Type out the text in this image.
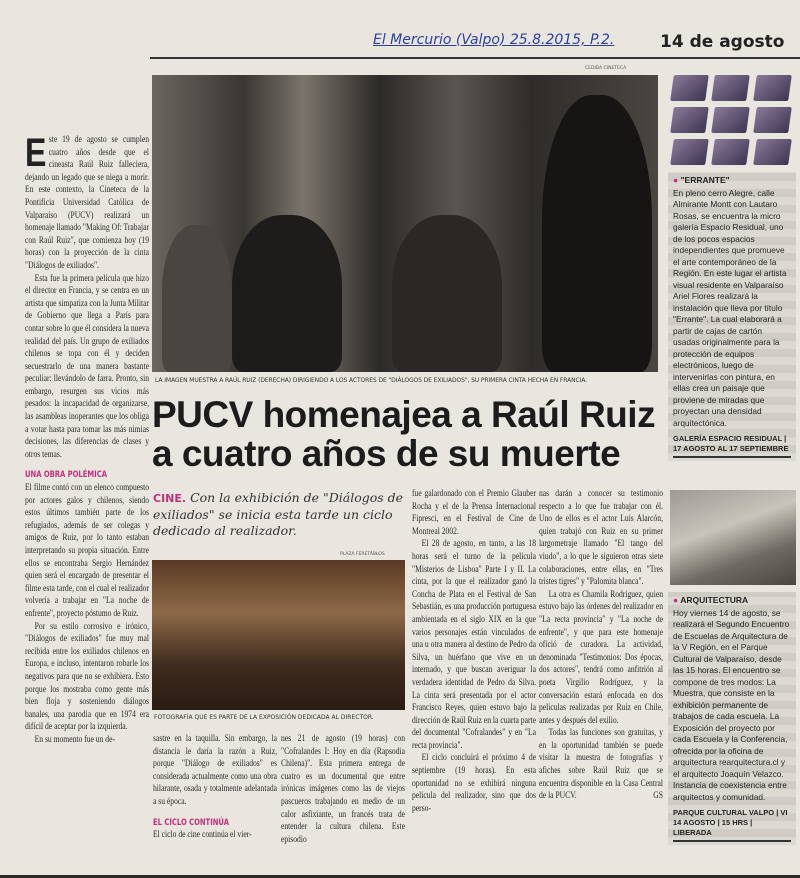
El Mercurio (Valpo) 25.8.2015, P.2.	14 de agosto
CEDIDA CINETECA
LA IMAGEN MUESTRA A RAÚL RUIZ (DERECHA) DIRIGIENDO A LOS ACTORES DE "DIÁLOGOS DE EXILIADOS", SU PRIMERA CINTA HECHA EN FRANCIA.
PUCV homenajea a Raúl Ruiz a cuatro años de su muerte
CINE. Con la exhibición de "Diálogos de exiliados" se inicia esta tarde un ciclo dedicado al realizador.
PLAZA FERETÁBLOS
FOTOGRAFÍA QUE ES PARTE DE LA EXPOSICIÓN DEDICADA AL DIRECTOR.

Este 19 de agosto se cumplen cuatro años desde que el cineasta Raúl Ruiz falleciera, dejando un legado que se niega a morir. En este contexto, la Cineteca de la Pontificia Universidad Católica de Valparaíso (PUCV) realizará un homenaje llamado "Making Of: Trabajar con Raúl Ruiz", que comienza hoy (19 horas) con la proyección de la cinta "Diálogos de exiliados".

Esta fue la primera película que hizo el director en Francia, y se centra en un artista que simpatiza con la Junta Militar de Gobierno que llega a París para contar sobre lo que él considera la nueva realidad del país. Un grupo de exiliados chilenos se topa con él y deciden secuestrarlo de una manera bastante peculiar: llevándolo de farra. Pronto, sin embargo, resurgen sus vicios más pesados: la incapacidad de organizarse, las asambleas inoperantes que los obliga a votar hasta para tomar las más nimias decisiones, las diferencias de clases y otros temas.

UNA OBRA POLÉMICA

El filme contó con un elenco compuesto por actores galos y chilenos, siendo estos últimos también parte de los refugiados, además de ser colegas y amigos de Ruiz, por lo tanto estaban interpretando su propia situación. Entre ellos se encontraba Sergio Hernández quien será el encargado de presentar el filme esta tarde, con el cual el realizador volvería a trabajar en "La noche de enfrente", proyecto póstumo de Ruiz.

Por su estilo corrosivo e irónico, "Diálogos de exiliados" fue muy mal recibida entre los exiliados chilenos en Europa, e incluso, intentaron robarle los negativos para que no se exhibiera. Esto porque los mostraba como gente más bien floja y sosteniendo diálogos banales, una parodia que en 1974 era difícil de aceptar por la izquierda.

En su momento fue un de-	sastre en la taquilla. Sin embargo, la distancia le daría la razón a Ruiz, porque "Diálogo de exiliados" es considerada actualmente como una obra hilarante, osada y totalmente adelantada a su época.

EL CICLO CONTINÚA

El ciclo de cine continúa el vier-

nes 21 de agosto (19 horas) con "Cofralandes I: Hoy en día (Rapsodia Chilena)". Esta primera entrega de cuatro es un documental que entre irónicas imágenes como las de viejos pascueros trabajando en medio de un calor asfixiante, un francés trata de entender la cultura chilena. Este episodio

fue galardonado con el Premio Glauber Rocha y el de la Prensa Internacional Fipresci, en el Festival de Cine de Montreal 2002.

El 28 de agosto, en tanto, a las 18 horas será el turno de la película "Misterios de Lisboa" Parte I y II. La cinta, por la que el realizador ganó la Concha de Plata en el Festival de San Sebastián, es una producción portuguesa ambientada en el siglo XIX en la que varios personajes están vinculados de una u otra manera al destino de Pedro da Silva, un huérfano que vive en un internado, y que buscan averiguar la verdadera identidad de Pedro da Silva. La cinta será presentada por el actor Francisco Reyes, quien estuvo bajo la dirección de Raúl Ruiz en la cuarta parte del documental "Cofralandes" y en "La recta provincia".

El ciclo concluirá el próximo 4 de septiembre (19 horas). En esta oportunidad no se exhibirá ninguna película del realizador, sino que dos perso-

nas darán a conocer su testimonio respecto a lo que fue trabajar con él. Uno de ellos es el actor Luis Alarcón, quien trabajó con Ruiz en su primer largometraje llamado "El tango del viudo", a lo que le siguieron otras siete colaboraciones, entre ellas, en "Tres tristes tigres" y "Palomita blanca".

La otra es Chamila Rodríguez, quien estuvo bajo las órdenes del realizador en "La recta provincia" y "La noche de enfrente", y que para este homenaje ofició de curadora. La actividad, denominada "Testimonios: Dos épocas, dos actores", tendrá como anfitrión al poeta Virgilio Rodríguez, y la conversación estará enfocada en dos películas realizadas por Ruiz en Chile, antes y después del exilio.

Todas las funciones son gratuitas, y en la oportunidad también se puede visitar la muestra de fotografías y afiches sobre Raúl Ruiz que se encuentra disponible en la Casa Central de la PUCV.	GS

● "ERRANTE"
En pleno cerro Alegre, calle Almirante Montt con Lautaro Rosas, se encuentra la micro galería Espacio Residual, uno de los pocos espacios independientes que promueve el arte contemporáneo de la Región. En este lugar el artista visual residente en Valparaíso Ariel Flores realizará la instalación que lleva por título "Errante". La cual elaborará a partir de cajas de cartón usadas originalmente para la protección de equipos electrónicos, luego de intervenirlas con pintura, en ellas crea un paisaje que proviene de miradas que proyectan una densidad arquitectónica.
GALERÍA ESPACIO RESIDUAL | 17 AGOSTO AL 17 SEPTIEMBRE
● ARQUITECTURA
Hoy viernes 14 de agosto, se realizará el Segundo Encuentro de Escuelas de Arquitectura de la V Región, en el Parque Cultural de Valparaíso, desde las 15 horas. El encuentro se compone de tres modos: La Muestra, que consiste en la exhibición permanente de trabajos de cada escuela. La Exposición del proyecto por cada Escuela y la Conferencia, ofrecida por la oficina de arquitectura rearquitectura.cl y el arquitecto Joaquín Velazco. Instancia de coexistencia entre arquitectos y comunidad.
PARQUE CULTURAL VALPO | VI 14 AGOSTO | 15 HRS | LIBERADA
